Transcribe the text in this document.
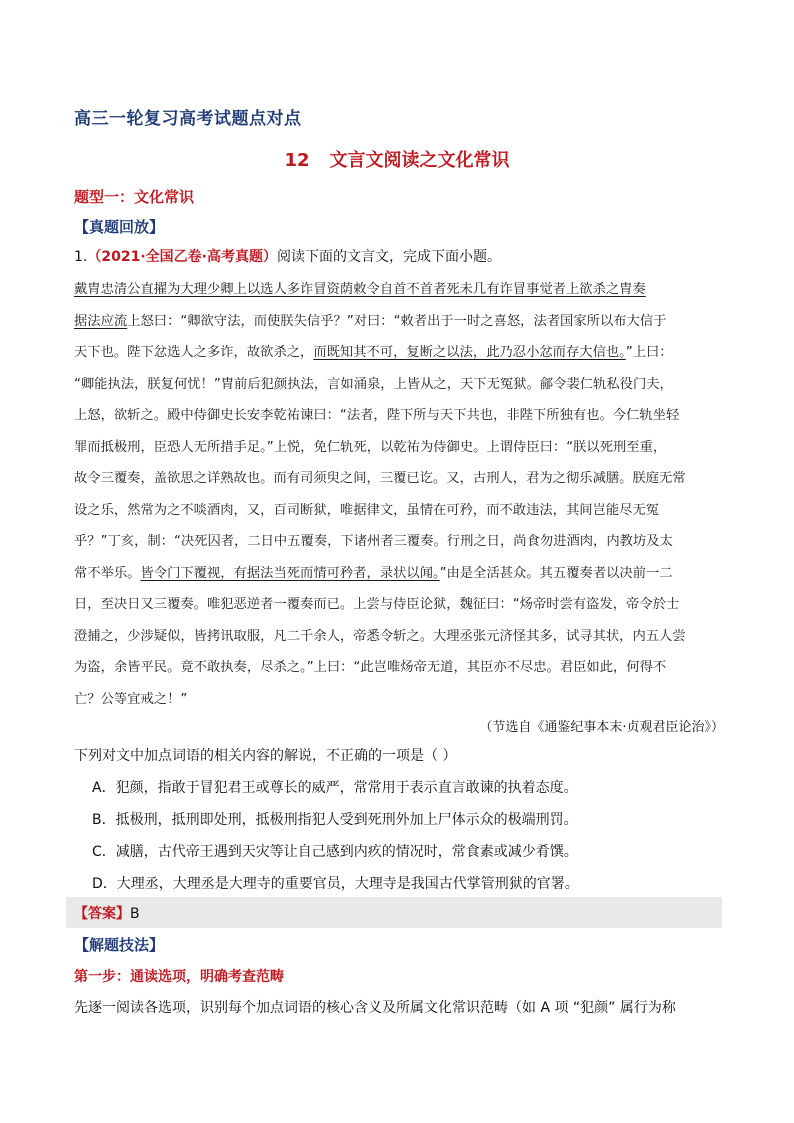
高三一轮复习高考试题点对点
12 文言文阅读之文化常识
题型一：文化常识
【真题回放】
1.（2021·全国乙卷·高考真题）阅读下面的文言文，完成下面小题。
戴胄忠清公直擢为大理少卿上以选人多诈冒资荫敕令自首不首者死未几有诈冒事觉者上欲杀之胄奏
据法应流上怒曰：“卿欲守法，而使朕失信乎？”对曰：“敕者出于一时之喜怒，法者国家所以布大信于
天下也。陛下忿选人之多诈，故欲杀之，而既知其不可，复断之以法，此乃忍小忿而存大信也。”上曰：
“卿能执法，朕复何忧！”胄前后犯颜执法，言如涌泉，上皆从之，天下无冤狱。鄃令裴仁轨私役门夫，
上怒，欲斩之。殿中侍御史长安李乾祐谏曰：“法者，陛下所与天下共也，非陛下所独有也。今仁轨坐轻
罪而抵极刑，臣恐人无所措手足。”上悦，免仁轨死，以乾祐为侍御史。上谓侍臣曰：“朕以死刑至重，
故令三覆奏，盖欲思之详熟故也。而有司须臾之间，三覆已讫。又，古刑人，君为之彻乐减膳。朕庭无常
设之乐，然常为之不啖酒肉，又，百司断狱，唯据律文，虽情在可矜，而不敢违法，其间岂能尽无冤
乎？”丁亥，制：“决死囚者，二日中五覆奏，下诸州者三覆奏。行刑之日，尚食勿进酒肉，内教坊及太
常不举乐。皆令门下覆视，有据法当死而情可矜者，录状以闻。”由是全活甚众。其五覆奏者以决前一二
日，至决日又三覆奏。唯犯恶逆者一覆奏而已。上尝与侍臣论狱，魏征曰：“炀帝时尝有盗发，帝令於士
澄捕之，少涉疑似，皆拷讯取服，凡二千余人，帝悉令斩之。大理丞张元济怪其多，试寻其状，内五人尝
为盗，余皆平民。竟不敢执奏，尽杀之。”上曰：“此岂唯炀帝无道，其臣亦不尽忠。君臣如此，何得不
亡？公等宜戒之！”
（节选自《通鉴纪事本末·贞观君臣论治》）
下列对文中加点词语的相关内容的解说，不正确的一项是（ ）
A．犯颜，指敢于冒犯君王或尊长的威严，常常用于表示直言敢谏的执着态度。
B．抵极刑，抵刑即处刑，抵极刑指犯人受到死刑外加上尸体示众的极端刑罚。
C．减膳，古代帝王遇到天灾等让自己感到内疚的情况时，常食素或减少肴馔。
D．大理丞，大理丞是大理寺的重要官员，大理寺是我国古代掌管刑狱的官署。
【答案】B
【解题技法】
第一步：通读选项，明确考查范畴
先逐一阅读各选项，识别每个加点词语的核心含义及所属文化常识范畴（如 A 项 “犯颜” 属行为称
